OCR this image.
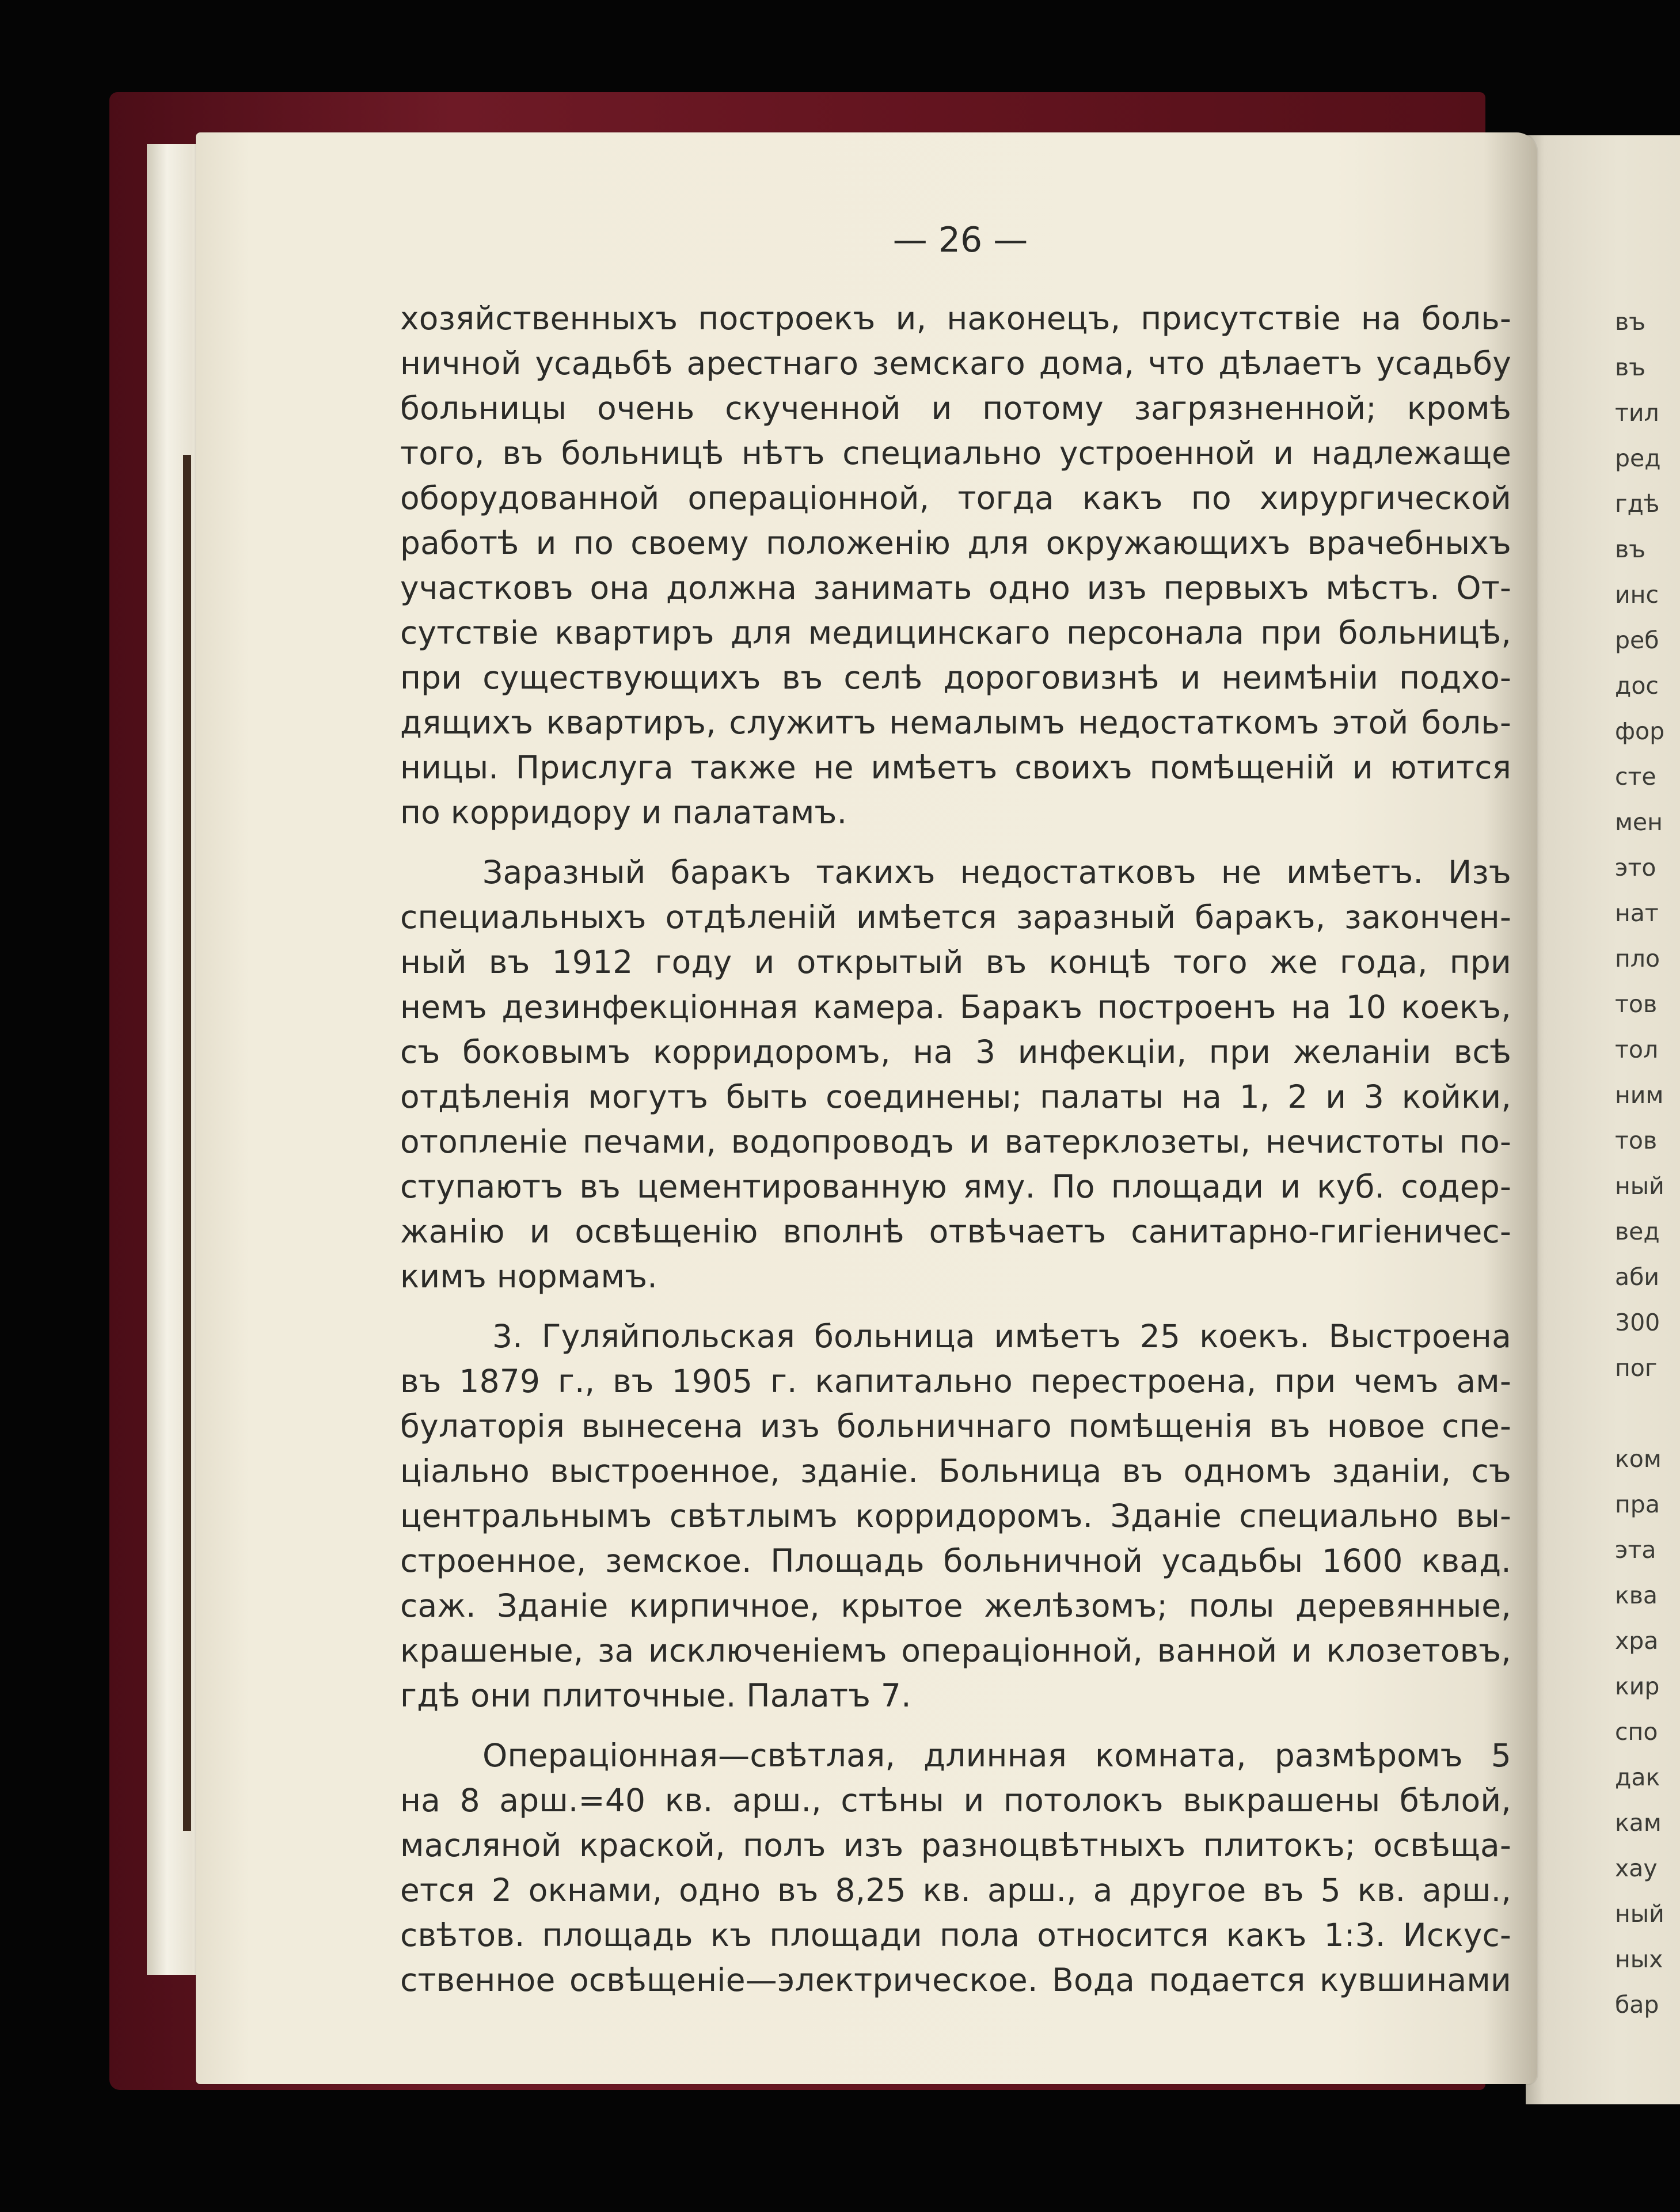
въ
въ
тил
ред
гдѣ
въ
инс
реб
дос
фор
сте
мен
это
нат
пло
тов
тол
ним
тов
ный
вед
аби
300
пог
ком
пра
эта
ква
хра
кир
спо
дак
кам
хау
ный
ных
бар
— 26 —
хозяйственныхъ построекъ и, наконецъ, присутствіе на боль-
ничной усадьбѣ арестнаго земскаго дома, что дѣлаетъ усадьбу
больницы очень скученной и потому загрязненной; кромѣ
того, въ больницѣ нѣтъ специально устроенной и надлежаще
оборудованной операціонной, тогда какъ по хирургической
работѣ и по своему положенію для окружающихъ врачебныхъ
участковъ она должна занимать одно изъ первыхъ мѣстъ. От-
сутствіе квартиръ для медицинскаго персонала при больницѣ,
при существующихъ въ селѣ дороговизнѣ и неимѣніи подхо-
дящихъ квартиръ, служитъ немалымъ недостаткомъ этой боль-
ницы. Прислуга также не имѣетъ своихъ помѣщеній и ютится
по корридору и палатамъ.
Заразный баракъ такихъ недостатковъ не имѣетъ. Изъ
специальныхъ отдѣленій имѣется заразный баракъ, закончен-
ный въ 1912 году и открытый въ концѣ того же года, при
немъ дезинфекціонная камера. Баракъ построенъ на 10 коекъ,
съ боковымъ корридоромъ, на 3 инфекціи, при желаніи всѣ
отдѣленія могутъ быть соединены; палаты на 1, 2 и 3 койки,
отопленіе печами, водопроводъ и ватерклозеты, нечистоты по-
ступаютъ въ цементированную яму. По площади и куб. содер-
жанію и освѣщенію вполнѣ отвѣчаетъ санитарно-гигіеничес-
кимъ нормамъ.
3. Гуляйпольская больница имѣетъ 25 коекъ. Выстроена
въ 1879 г., въ 1905 г. капитально перестроена, при чемъ ам-
булаторія вынесена изъ больничнаго помѣщенія въ новое спе-
ціально выстроенное, зданіе. Больница въ одномъ зданіи, съ
центральнымъ свѣтлымъ корридоромъ. Зданіе специально вы-
строенное, земское. Площадь больничной усадьбы 1600 квад.
саж. Зданіе кирпичное, крытое желѣзомъ; полы деревянные,
крашеные, за исключеніемъ операціонной, ванной и клозетовъ,
гдѣ они плиточные. Палатъ 7.
Операціонная—свѣтлая, длинная комната, размѣромъ 5
на 8 арш.=40 кв. арш., стѣны и потолокъ выкрашены бѣлой,
масляной краской, полъ изъ разноцвѣтныхъ плитокъ; освѣща-
ется 2 окнами, одно въ 8,25 кв. арш., а другое въ 5 кв. арш.,
свѣтов. площадь къ площади пола относится какъ 1:3. Искус-
ственное освѣщеніе—электрическое. Вода подается кувшинами
